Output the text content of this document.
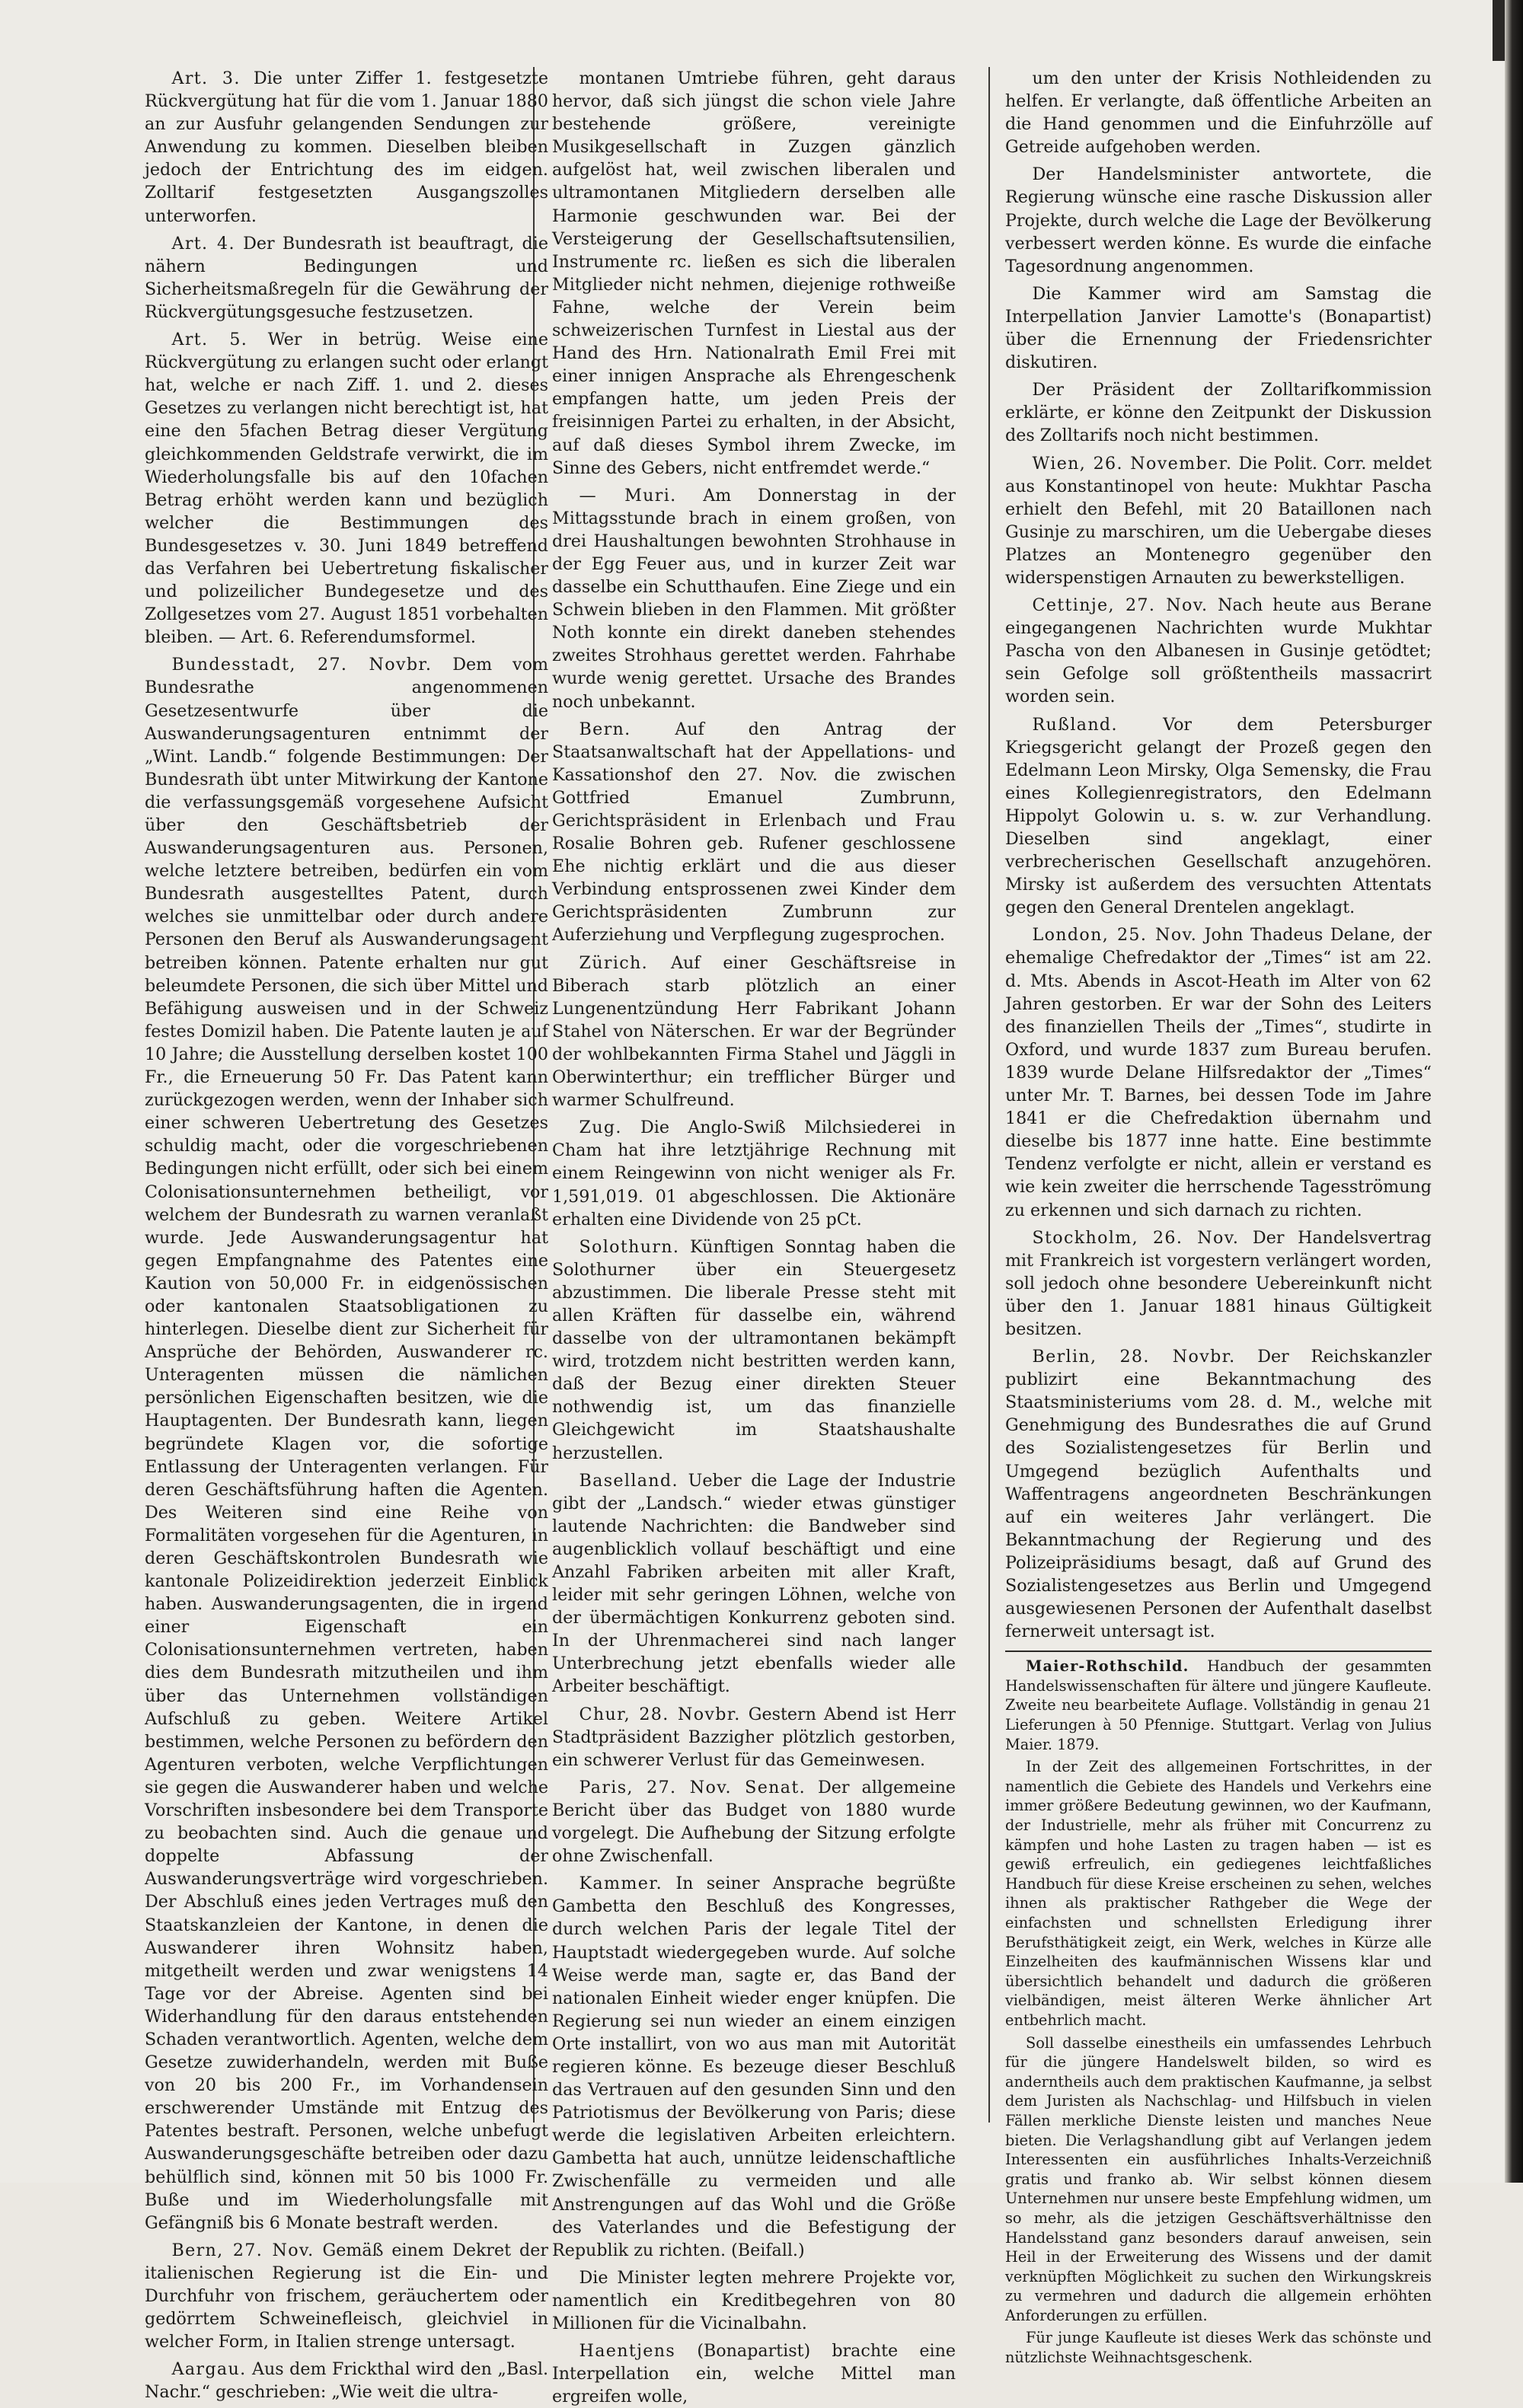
Art. 3. Die unter Ziffer 1. festgesetzte Rückvergütung hat für die vom 1. Januar 1880 an zur Ausfuhr gelangenden Sendungen zur Anwendung zu kommen. Dieselben bleiben jedoch der Entrichtung des im eidgen. Zolltarif festgesetzten Ausgangszolles unterworfen.

Art. 4. Der Bundesrath ist beauftragt, die nähern Bedingungen und Sicherheitsmaßregeln für die Gewährung der Rückvergütungsgesuche festzusetzen.

Art. 5. Wer in betrüg. Weise eine Rückvergütung zu erlangen sucht oder erlangt hat, welche er nach Ziff. 1. und 2. dieses Gesetzes zu verlangen nicht berechtigt ist, hat eine den 5fachen Betrag dieser Vergütung gleichkommenden Geldstrafe verwirkt, die im Wiederholungsfalle bis auf den 10fachen Betrag erhöht werden kann und bezüglich welcher die Bestimmungen des Bundesgesetzes v. 30. Juni 1849 betreffend das Verfahren bei Uebertretung fiskalischer und polizeilicher Bundegesetze und des Zollgesetzes vom 27. August 1851 vorbehalten bleiben. — Art. 6. Referendumsformel.

Bundesstadt, 27. Novbr. Dem vom Bundesrathe angenommenen Gesetzesentwurfe über die Auswanderungsagenturen entnimmt der „Wint. Landb.“ folgende Bestimmungen: Der Bundesrath übt unter Mitwirkung der Kantone die verfassungsgemäß vorgesehene Aufsicht über den Geschäftsbetrieb der Auswanderungsagenturen aus. Personen, welche letztere betreiben, bedürfen ein vom Bundesrath ausgestelltes Patent, durch welches sie unmittelbar oder durch andere Personen den Beruf als Auswanderungsagent betreiben können. Patente erhalten nur gut beleumdete Personen, die sich über Mittel und Befähigung ausweisen und in der Schweiz festes Domizil haben. Die Patente lauten je auf 10 Jahre; die Ausstellung derselben kostet 100 Fr., die Erneuerung 50 Fr. Das Patent kann zurückgezogen werden, wenn der Inhaber sich einer schweren Uebertretung des Gesetzes schuldig macht, oder die vorgeschriebenen Bedingungen nicht erfüllt, oder sich bei einem Colonisationsunternehmen betheiligt, vor welchem der Bundesrath zu warnen veranlaßt wurde. Jede Auswanderungsagentur hat gegen Empfangnahme des Patentes eine Kaution von 50,000 Fr. in eidgenössischen oder kantonalen Staatsobligationen zu hinterlegen. Dieselbe dient zur Sicherheit für Ansprüche der Behörden, Auswanderer rc. Unteragenten müssen die nämlichen persönlichen Eigenschaften besitzen, wie die Hauptagenten. Der Bundesrath kann, liegen begründete Klagen vor, die sofortige Entlassung der Unteragenten verlangen. Für deren Geschäftsführung haften die Agenten. Des Weiteren sind eine Reihe von Formalitäten vorgesehen für die Agenturen, in deren Geschäftskontrolen Bundesrath wie kantonale Polizeidirektion jederzeit Einblick haben. Auswanderungsagenten, die in irgend einer Eigenschaft ein Colonisationsunternehmen vertreten, haben dies dem Bundesrath mitzutheilen und ihm über das Unternehmen vollständigen Aufschluß zu geben. Weitere Artikel bestimmen, welche Personen zu befördern den Agenturen verboten, welche Verpflichtungen sie gegen die Auswanderer haben und welche Vorschriften insbesondere bei dem Transporte zu beobachten sind. Auch die genaue und doppelte Abfassung der Auswanderungsverträge wird vorgeschrieben. Der Abschluß eines jeden Vertrages muß den Staatskanzleien der Kantone, in denen die Auswanderer ihren Wohnsitz haben, mitgetheilt werden und zwar wenigstens 14 Tage vor der Abreise. Agenten sind bei Widerhandlung für den daraus entstehenden Schaden verantwortlich. Agenten, welche dem Gesetze zuwiderhandeln, werden mit Buße von 20 bis 200 Fr., im Vorhandensein erschwerender Umstände mit Entzug des Patentes bestraft. Personen, welche unbefugt Auswanderungsgeschäfte betreiben oder dazu behülflich sind, können mit 50 bis 1000 Fr. Buße und im Wiederholungsfalle mit Gefängniß bis 6 Monate bestraft werden.

Bern, 27. Nov. Gemäß einem Dekret der italienischen Regierung ist die Ein- und Durchfuhr von frischem, geräuchertem oder gedörrtem Schweinefleisch, gleichviel in welcher Form, in Italien strenge untersagt.

Aargau. Aus dem Frickthal wird den „Basl. Nachr.“ geschrieben: „Wie weit die ultra-

montanen Umtriebe führen, geht daraus hervor, daß sich jüngst die schon viele Jahre bestehende größere, vereinigte Musikgesellschaft in Zuzgen gänzlich aufgelöst hat, weil zwischen liberalen und ultramontanen Mitgliedern derselben alle Harmonie geschwunden war. Bei der Versteigerung der Gesellschaftsutensilien, Instrumente rc. ließen es sich die liberalen Mitglieder nicht nehmen, diejenige rothweiße Fahne, welche der Verein beim schweizerischen Turnfest in Liestal aus der Hand des Hrn. Nationalrath Emil Frei mit einer innigen Ansprache als Ehrengeschenk empfangen hatte, um jeden Preis der freisinnigen Partei zu erhalten, in der Absicht, auf daß dieses Symbol ihrem Zwecke, im Sinne des Gebers, nicht entfremdet werde.“

— Muri. Am Donnerstag in der Mittagsstunde brach in einem großen, von drei Haushaltungen bewohnten Strohhause in der Egg Feuer aus, und in kurzer Zeit war dasselbe ein Schutthaufen. Eine Ziege und ein Schwein blieben in den Flammen. Mit größter Noth konnte ein direkt daneben stehendes zweites Strohhaus gerettet werden. Fahrhabe wurde wenig gerettet. Ursache des Brandes noch unbekannt.

Bern.	Auf den Antrag der Staatsanwaltschaft hat der Appellations- und Kassationshof den 27. Nov. die zwischen Gottfried Emanuel Zumbrunn, Gerichtspräsident in Erlenbach und Frau Rosalie Bohren geb. Rufener geschlossene Ehe nichtig erklärt und die aus dieser Verbindung entsprossenen zwei Kinder dem Gerichtspräsidenten Zumbrunn zur Auferziehung und Verpflegung zugesprochen.

Zürich. Auf einer Geschäftsreise in Biberach starb plötzlich an einer Lungenentzündung Herr Fabrikant Johann Stahel von Näterschen. Er war der Begründer der wohlbekannten Firma Stahel und Jäggli in Oberwinterthur; ein trefflicher Bürger und warmer Schulfreund.

Zug. Die Anglo-Swiß Milchsiederei in Cham hat ihre letztjährige Rechnung mit einem Reingewinn von nicht weniger als Fr. 1,591,019. 01 abgeschlossen. Die Aktionäre erhalten eine Dividende von 25 pCt.

Solothurn. Künftigen Sonntag haben die Solothurner über ein Steuergesetz abzustimmen. Die liberale Presse steht mit allen Kräften für dasselbe ein, während dasselbe von der ultramontanen bekämpft wird, trotzdem nicht bestritten werden kann, daß der Bezug einer direkten Steuer nothwendig ist, um das finanzielle Gleichgewicht im Staatshaushalte herzustellen.

Baselland. Ueber die Lage der Industrie gibt der „Landsch.“ wieder etwas günstiger lautende Nachrichten: die Bandweber sind augenblicklich vollauf beschäftigt und eine Anzahl Fabriken arbeiten mit aller Kraft, leider mit sehr geringen Löhnen, welche von der übermächtigen Konkurrenz geboten sind. In der Uhrenmacherei sind nach langer Unterbrechung jetzt ebenfalls wieder alle Arbeiter beschäftigt.

Chur, 28. Novbr. Gestern Abend ist Herr Stadtpräsident Bazzigher plötzlich gestorben, ein schwerer Verlust für das Gemeinwesen.

Paris, 27. Nov. Senat. Der allgemeine Bericht über das Budget von 1880 wurde vorgelegt. Die Aufhebung der Sitzung erfolgte ohne Zwischenfall.

Kammer. In seiner Ansprache begrüßte Gambetta den Beschluß des Kongresses, durch welchen Paris der legale Titel der Hauptstadt wiedergegeben wurde. Auf solche Weise werde man, sagte er, das Band der nationalen Einheit wieder enger knüpfen. Die Regierung sei nun wieder an einem einzigen Orte installirt, von wo aus man mit Autorität regieren könne. Es bezeuge dieser Beschluß das Vertrauen auf den gesunden Sinn und den Patriotismus der Bevölkerung von Paris; diese werde die legislativen Arbeiten erleichtern. Gambetta hat auch, unnütze leidenschaftliche Zwischenfälle zu vermeiden und alle Anstrengungen auf das Wohl und die Größe des Vaterlandes und die Befestigung der Republik zu richten. (Beifall.)

Die Minister legten mehrere Projekte vor, namentlich ein Kreditbegehren von 80 Millionen für die Vicinalbahn.

Haentjens (Bonapartist) brachte eine Interpellation ein, welche Mittel man ergreifen wolle,

um den unter der Krisis Nothleidenden zu helfen. Er verlangte, daß öffentliche Arbeiten an die Hand genommen und die Einfuhrzölle auf Getreide aufgehoben werden.

Der Handelsminister antwortete, die Regierung wünsche eine rasche Diskussion aller Projekte, durch welche die Lage der Bevölkerung verbessert werden könne. Es wurde die einfache Tagesordnung angenommen.

Die Kammer wird am Samstag die Interpellation Janvier Lamotte's (Bonapartist) über die Ernennung der Friedensrichter diskutiren.

Der Präsident der Zolltarifkommission erklärte, er könne den Zeitpunkt der Diskussion des Zolltarifs noch nicht bestimmen.

Wien, 26. November. Die Polit. Corr. meldet aus Konstantinopel von heute: Mukhtar Pascha erhielt den Befehl, mit 20 Bataillonen nach Gusinje zu marschiren, um die Uebergabe dieses Platzes an Montenegro gegenüber den widerspenstigen Arnauten zu bewerkstelligen.

Cettinje, 27. Nov. Nach heute aus Berane eingegangenen Nachrichten wurde Mukhtar Pascha von den Albanesen in Gusinje getödtet; sein Gefolge soll größtentheils massacrirt worden sein.

Rußland.	Vor dem Petersburger Kriegsgericht gelangt der Prozeß gegen den Edelmann Leon Mirsky, Olga Semensky, die Frau eines Kollegienregistrators, den Edelmann Hippolyt Golowin u. s. w. zur Verhandlung. Dieselben sind angeklagt, einer verbrecherischen Gesellschaft anzugehören. Mirsky ist außerdem des versuchten Attentats gegen den General Drentelen angeklagt.

London, 25. Nov. John Thadeus Delane, der ehemalige Chefredaktor der „Times“ ist am 22. d. Mts. Abends in Ascot-Heath im Alter von 62 Jahren gestorben. Er war der Sohn des Leiters des finanziellen Theils der „Times“, studirte in Oxford, und wurde 1837 zum Bureau berufen. 1839 wurde Delane Hilfsredaktor der „Times“ unter Mr. T. Barnes, bei dessen Tode im Jahre 1841 er die Chefredaktion übernahm und dieselbe bis 1877 inne hatte. Eine bestimmte Tendenz verfolgte er nicht, allein er verstand es wie kein zweiter die herrschende Tagesströmung zu erkennen und sich darnach zu richten.

Stockholm, 26. Nov. Der Handelsvertrag mit Frankreich ist vorgestern verlängert worden, soll jedoch ohne besondere Uebereinkunft nicht über den 1. Januar 1881 hinaus Gültigkeit besitzen.

Berlin, 28. Novbr. Der Reichskanzler publizirt eine Bekanntmachung des Staatsministeriums vom 28. d. M., welche mit Genehmigung des Bundesrathes die auf Grund des Sozialistengesetzes für Berlin und Umgegend bezüglich Aufenthalts und Waffentragens angeordneten Beschränkungen auf ein weiteres Jahr verlängert. Die Bekanntmachung der Regierung und des Polizeipräsidiums besagt, daß auf Grund des Sozialistengesetzes aus Berlin und Umgegend ausgewiesenen Personen der Aufenthalt daselbst fernerweit untersagt ist.

Maier-Rothschild. Handbuch der gesammten Handelswissenschaften für ältere und jüngere Kaufleute. Zweite neu bearbeitete Auflage. Vollständig in genau 21 Lieferungen à 50 Pfennige. Stuttgart. Verlag von Julius Maier. 1879.

In der Zeit des allgemeinen Fortschrittes, in der namentlich die Gebiete des Handels und Verkehrs eine immer größere Bedeutung gewinnen, wo der Kaufmann, der Industrielle, mehr als früher mit Concurrenz zu kämpfen und hohe Lasten zu tragen haben — ist es gewiß erfreulich, ein gediegenes leichtfaßliches Handbuch für diese Kreise erscheinen zu sehen, welches ihnen als praktischer Rathgeber die Wege der einfachsten und schnellsten Erledigung ihrer Berufsthätigkeit zeigt, ein Werk, welches in Kürze alle Einzelheiten des kaufmännischen Wissens klar und übersichtlich behandelt und dadurch die größeren vielbändigen, meist älteren Werke ähnlicher Art entbehrlich macht.

Soll dasselbe einestheils ein umfassendes Lehrbuch für die jüngere Handelswelt bilden, so wird es anderntheils auch dem praktischen Kaufmanne, ja selbst dem Juristen als Nachschlag- und Hilfsbuch in vielen Fällen merkliche Dienste leisten und manches Neue bieten. Die Verlagshandlung gibt auf Verlangen jedem Interessenten ein ausführliches Inhalts-Verzeichniß gratis und franko ab. Wir selbst können diesem Unternehmen nur unsere beste Empfehlung widmen, um so mehr, als die jetzigen Geschäftsverhältnisse den Handelsstand ganz besonders darauf anweisen, sein Heil in der Erweiterung des Wissens und der damit verknüpften Möglichkeit zu suchen den Wirkungskreis zu vermehren und dadurch die allgemein erhöhten Anforderungen zu erfüllen.

Für junge Kaufleute ist dieses Werk das schönste und nützlichste Weihnachtsgeschenk.
